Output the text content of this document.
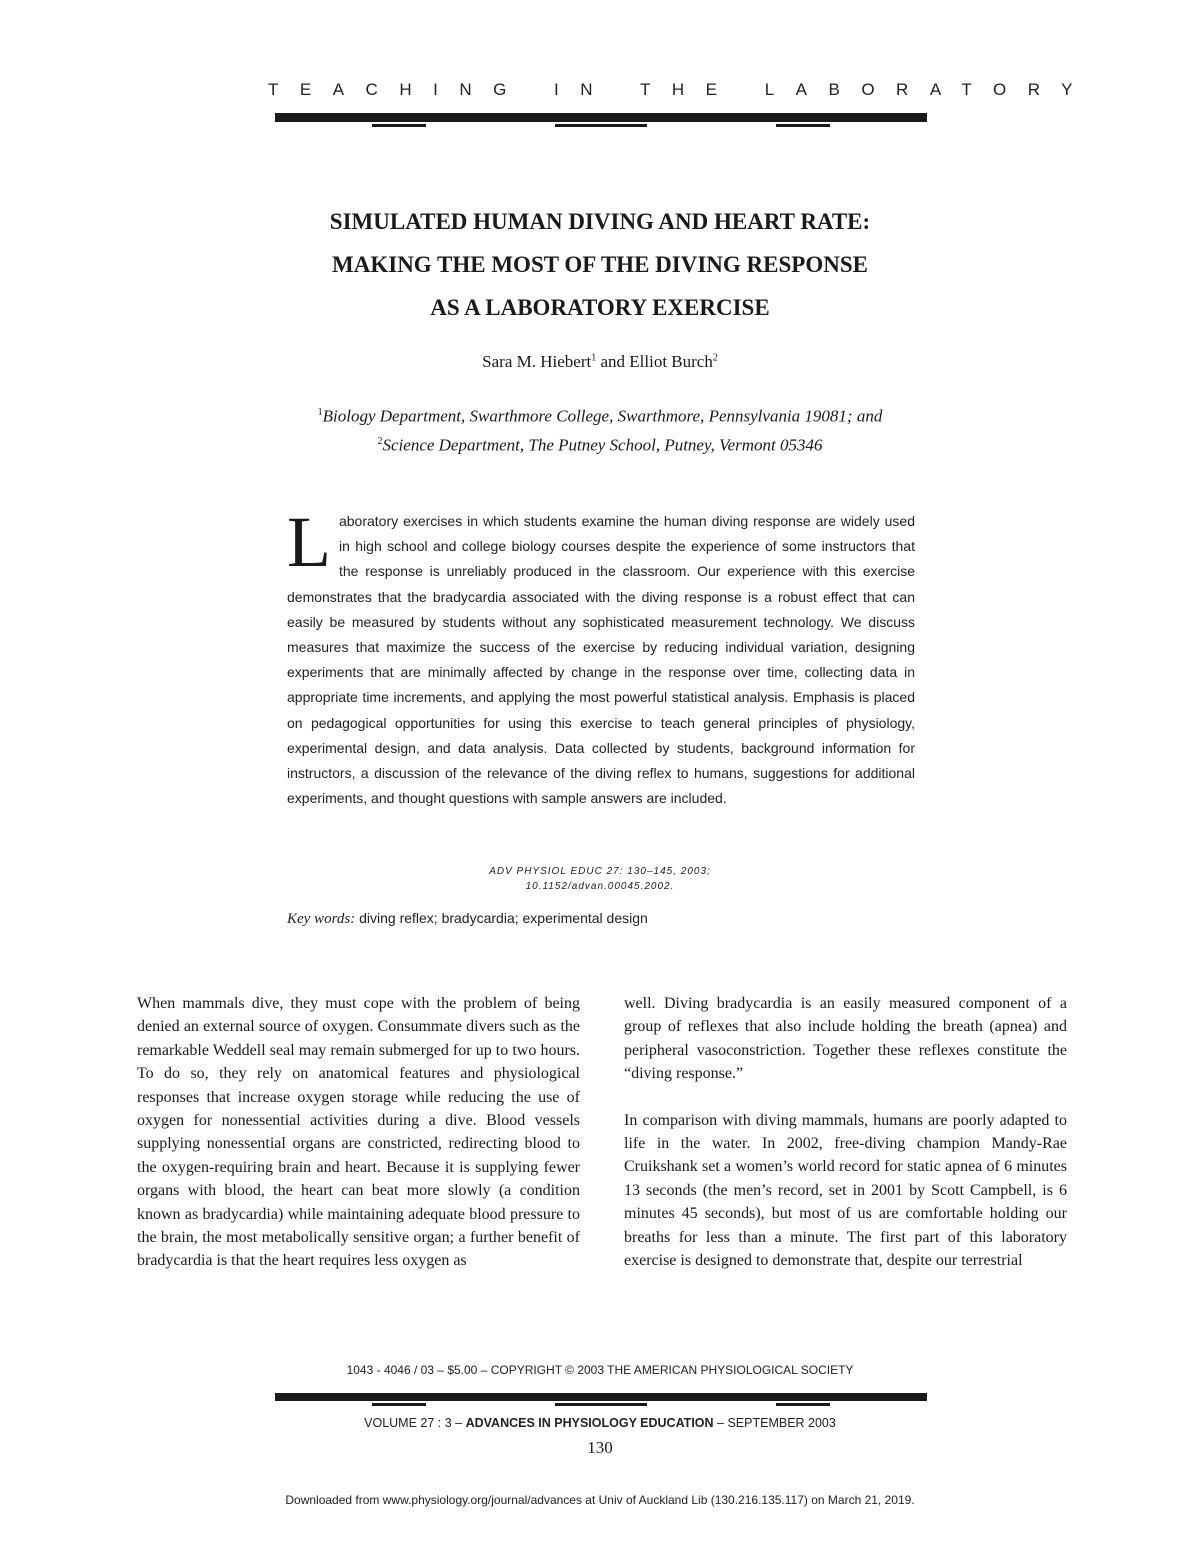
TEACHING IN THE LABORATORY
SIMULATED HUMAN DIVING AND HEART RATE:
MAKING THE MOST OF THE DIVING RESPONSE
AS A LABORATORY EXERCISE
Sara M. Hiebert$^1$ and Elliot Burch$^2$
$^1$Biology Department, Swarthmore College, Swarthmore, Pennsylvania 19081; and
$^2$Science Department, The Putney School, Putney, Vermont 05346

Laboratory exercises in which students examine the human diving response are widely used in high school and college biology courses despite the experience of some instructors that the response is unreliably produced in the classroom. Our experience with this exercise demonstrates that the bradycardia associated with the diving response is a robust effect that can easily be measured by students without any sophisticated measurement technology. We discuss measures that maximize the success of the exercise by reducing individual variation, designing experiments that are minimally affected by change in the response over time, collecting data in appropriate time increments, and applying the most powerful statistical analysis. Emphasis is placed on pedagogical opportunities for using this exercise to teach general principles of physiology, experimental design, and data analysis. Data collected by students, background information for instructors, a discussion of the relevance of the diving reflex to humans, suggestions for additional experiments, and thought questions with sample answers are included.

ADV PHYSIOL EDUC 27: 130–145, 2003;
10.1152/advan.00045.2002.
Key words: diving reflex; bradycardia; experimental design

When mammals dive, they must cope with the problem of being denied an external source of oxygen. Consummate divers such as the remarkable Weddell seal may remain submerged for up to two hours. To do so, they rely on anatomical features and physiological responses that increase oxygen storage while reducing the use of oxygen for nonessential activities during a dive. Blood vessels supplying nonessential organs are constricted, redirecting blood to the oxygen-requiring brain and heart. Because it is supplying fewer organs with blood, the heart can beat more slowly (a condition known as bradycardia) while maintaining adequate blood pressure to the brain, the most metabolically sensitive organ; a further benefit of bradycardia is that the heart requires less oxygen as

well. Diving bradycardia is an easily measured component of a group of reflexes that also include holding the breath (apnea) and peripheral vasoconstriction. Together these reflexes constitute the “diving response.”

In comparison with diving mammals, humans are poorly adapted to life in the water. In 2002, free-diving champion Mandy-Rae Cruikshank set a women’s world record for static apnea of 6 minutes 13 seconds (the men’s record, set in 2001 by Scott Campbell, is 6 minutes 45 seconds), but most of us are comfortable holding our breaths for less than a minute. The first part of this laboratory exercise is designed to demonstrate that, despite our terrestrial

1043 - 4046 / 03 – $5.00 – COPYRIGHT © 2003 THE AMERICAN PHYSIOLOGICAL SOCIETY
VOLUME 27 : 3 – ADVANCES IN PHYSIOLOGY EDUCATION – SEPTEMBER 2003
130
Downloaded from www.physiology.org/journal/advances at Univ of Auckland Lib (130.216.135.117) on March 21, 2019.
